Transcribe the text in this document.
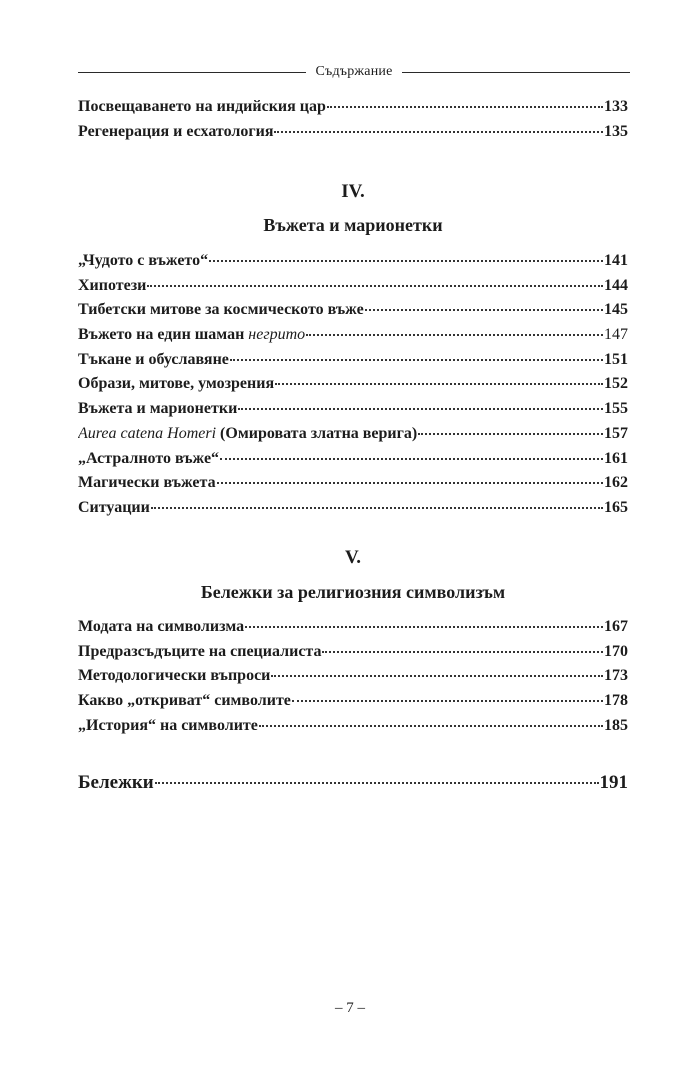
Съдържание
Посвещаването на индийския цар	133
Регенерация и есхатология	135
IV.
Въжета и марионетки
„Чудото с въжето“	141
Хипотези	144
Тибетски митове за космическото въже	145
Въжето на един шаман негрито	147
Тъкане и обуславяне	151
Образи, митове, умозрения	152
Въжета и марионетки	155
Aurea catena Homeri (Омировата златна верига)	157
„Астралното въже“	161
Магически въжета	162
Ситуации	165
V.
Бележки за религиозния символизъм
Модата на символизма	167
Предразсъдъците на специалиста	170
Методологически въпроси	173
Какво „откриват“ символите	178
„История“ на символите	185
Бележки	191
– 7 –
